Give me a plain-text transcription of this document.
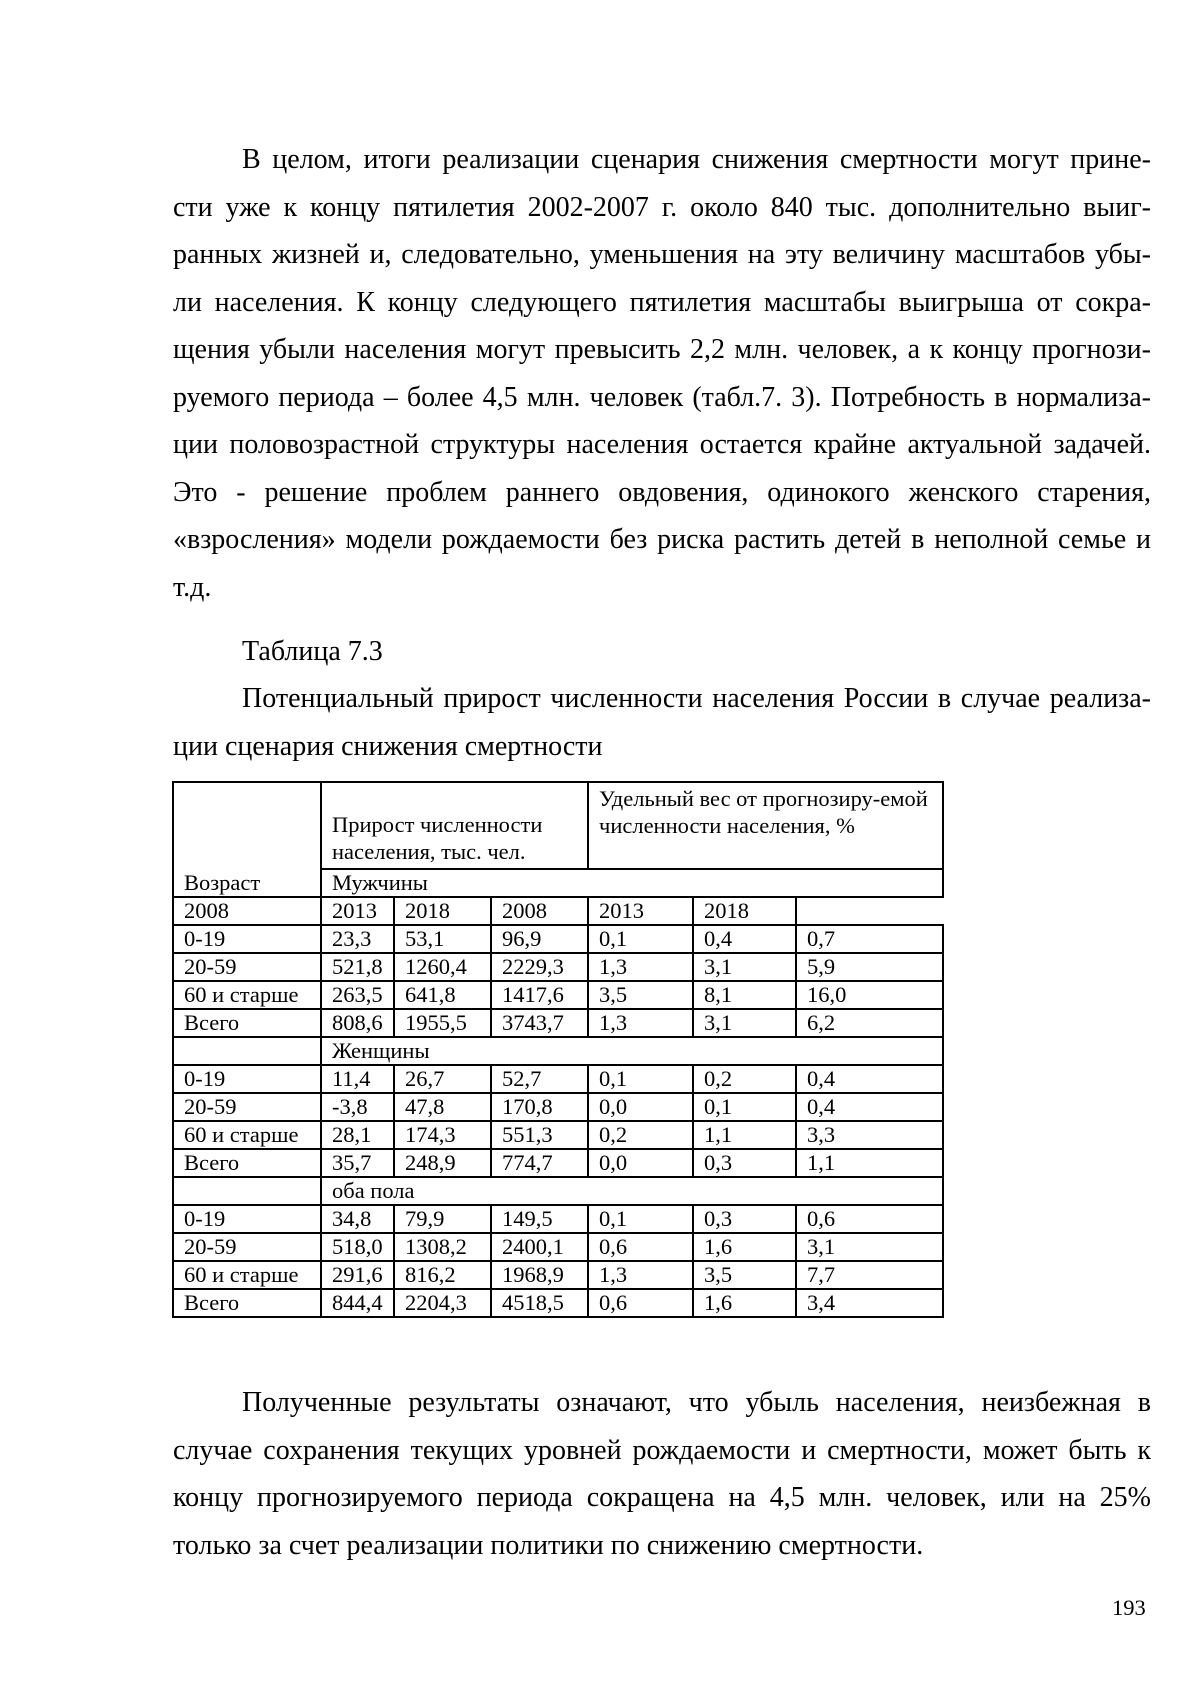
В целом, итоги реализации сценария снижения смертности могут прине-
сти уже к концу пятилетия 2002-2007 г. около 840 тыс. дополнительно выиг-
ранных жизней и, следовательно, уменьшения на эту величину масштабов убы-
ли населения. К концу следующего пятилетия масштабы выигрыша от сокра-
щения убыли населения могут превысить 2,2 млн. человек, а к концу прогнози-
руемого периода – более 4,5 млн. человек (табл.7. 3). Потребность в нормализа-
ции половозрастной структуры населения остается крайне актуальной задачей.
Это - решение проблем раннего овдовения, одинокого женского старения,
«взросления» модели рождаемости без риска растить детей в неполной семье и
т.д.
Таблица 7.3
Потенциальный прирост численности населения России в случае реализа-
ции сценария снижения смертности
Возраст	Прирост численности населения, тыс. чел.			Удельный вес от прогнозиру-емой численности населения, %		
	Мужчины					
2008	2013	2018	2008	2013	2018	
0-19	23,3	53,1	96,9	0,1	0,4	0,7
20-59	521,8	1260,4	2229,3	1,3	3,1	5,9
60 и старше	263,5	641,8	1417,6	3,5	8,1	16,0
Всего	808,6	1955,5	3743,7	1,3	3,1	6,2
	Женщины					
0-19	11,4	26,7	52,7	0,1	0,2	0,4
20-59	-3,8	47,8	170,8	0,0	0,1	0,4
60 и старше	28,1	174,3	551,3	0,2	1,1	3,3
Всего	35,7	248,9	774,7	0,0	0,3	1,1
	оба пола					
0-19	34,8	79,9	149,5	0,1	0,3	0,6
20-59	518,0	1308,2	2400,1	0,6	1,6	3,1
60 и старше	291,6	816,2	1968,9	1,3	3,5	7,7
Всего	844,4	2204,3	4518,5	0,6	1,6	3,4
Полученные результаты означают, что убыль населения, неизбежная в
случае сохранения текущих уровней рождаемости и смертности, может быть к
концу прогнозируемого периода сокращена на 4,5 млн. человек, или на 25%
только за счет реализации политики по снижению смертности.
193
